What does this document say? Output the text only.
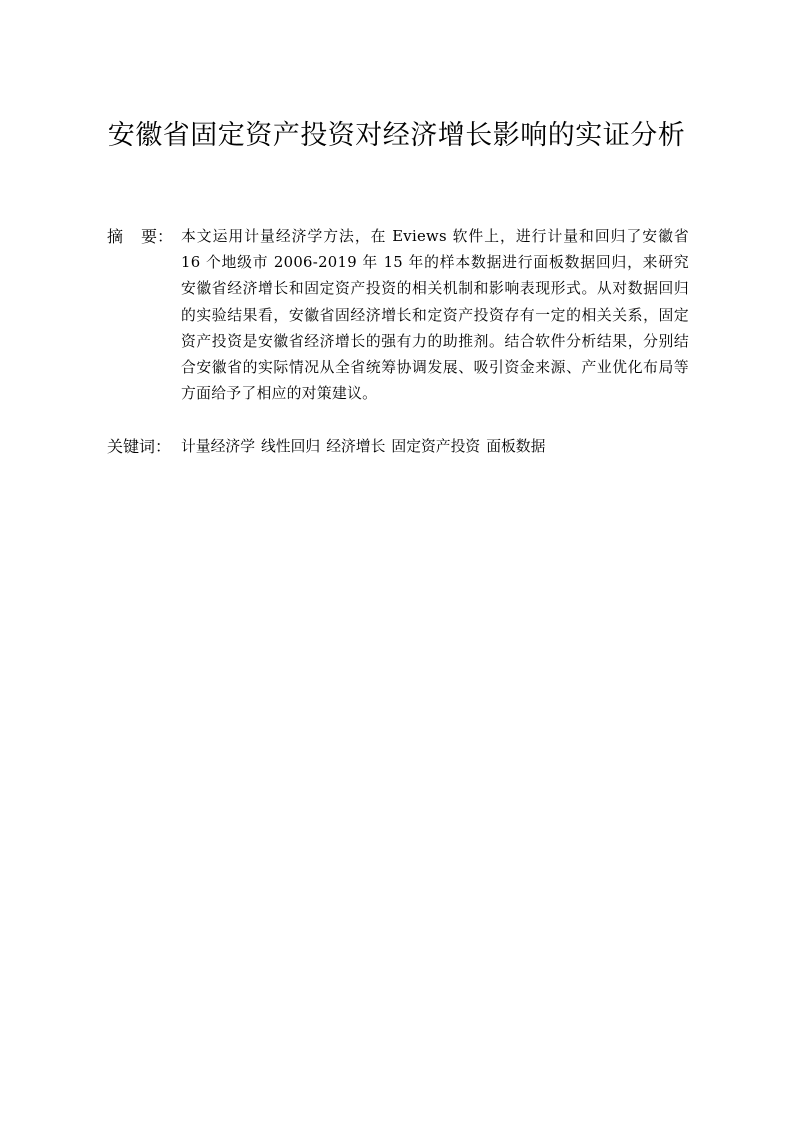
安徽省固定资产投资对经济增长影响的实证分析
摘 要： 本文运用计量经济学方法，在 Eviews 软件上，进行计量和回归了安徽省 16 个地级市 2006-2019 年 15 年的样本数据进行面板数据回归，来研究安徽省经济增长和固定资产投资的相关机制和影响表现形式。从对数据回归的实验结果看，安徽省固经济增长和定资产投资存有一定的相关关系，固定资产投资是安徽省经济增长的强有力的助推剂。结合软件分析结果，分别结合安徽省的实际情况从全省统筹协调发展、吸引资金来源、产业优化布局等方面给予了相应的对策建议。
关键词： 计量经济学 线性回归 经济增长 固定资产投资 面板数据
